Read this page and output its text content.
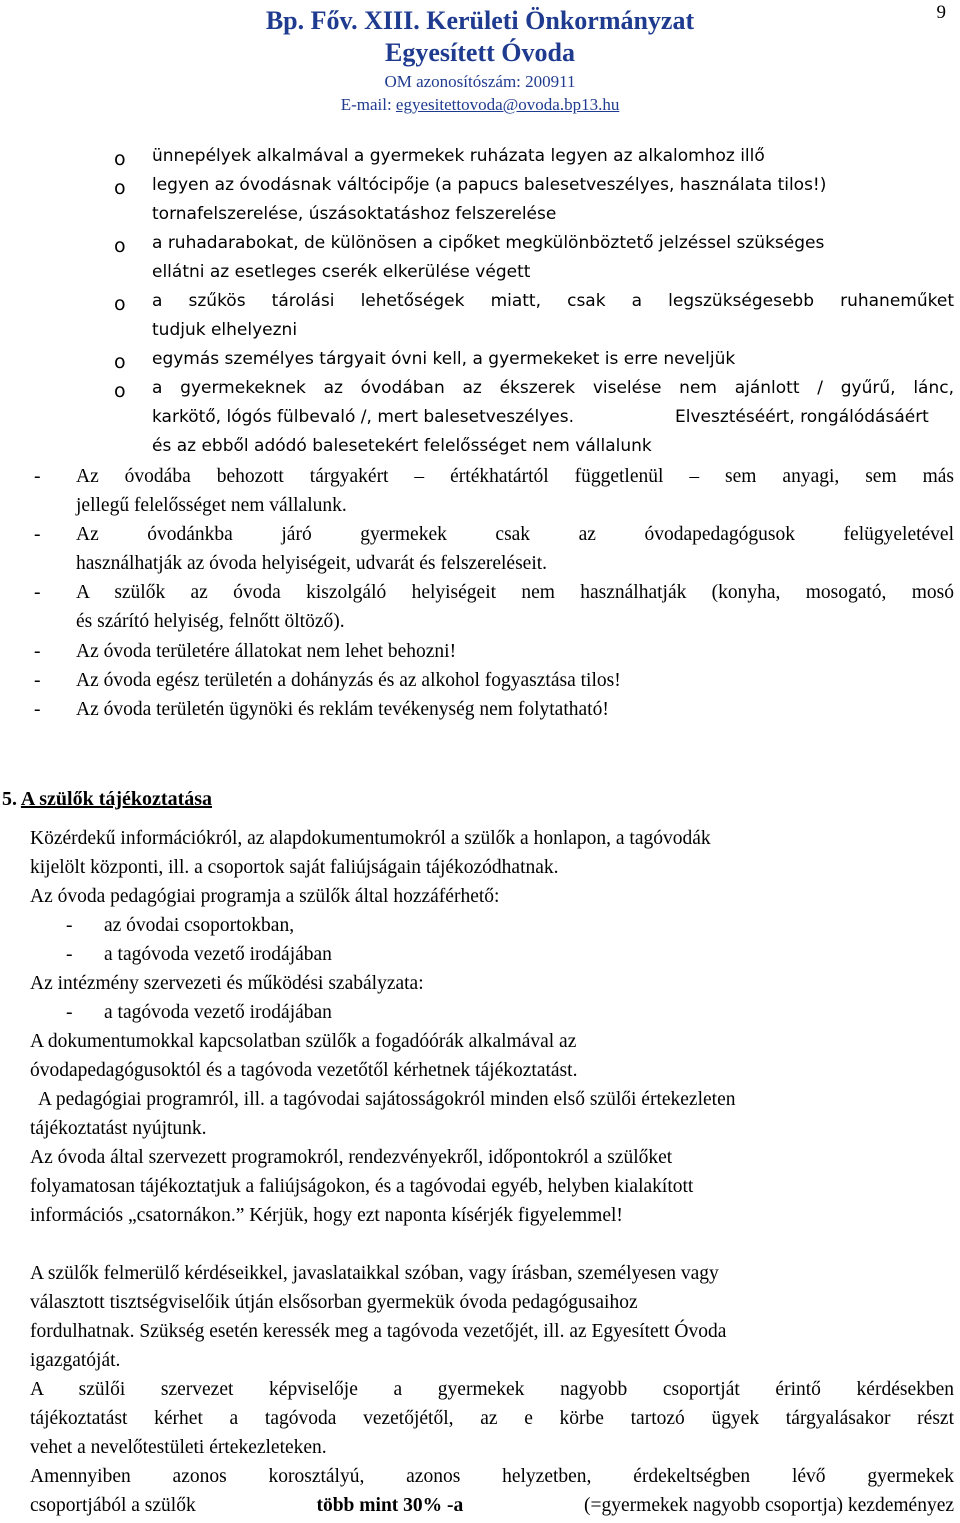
Bp. Főv. XIII. Kerületi Önkormányzat
Egyesített Óvoda
OM azonosítószám: 200911
E-mail: egyesitettovoda@ovoda.bp13.hu
9
o ünnepélyek alkalmával a gyermekek ruházata legyen az alkalomhoz illő
o legyen az óvodásnak váltócipője (a papucs balesetveszélyes, használata tilos!)
tornafelszerelése, úszásoktatáshoz felszerelése
o a ruhadarabokat, de különösen a cipőket megkülönböztető jelzéssel szükséges
ellátni az esetleges cserék elkerülése végett
o a szűkös tárolási lehetőségek miatt, csak a legszükségesebb ruhaneműket
tudjuk elhelyezni
o egymás személyes tárgyait óvni kell, a gyermekeket is erre neveljük
o a gyermekeknek az óvodában az ékszerek viselése nem ajánlott / gyűrű, lánc,
karkötő, lógós fülbevaló /, mert balesetveszélyes.	Elvesztéséért, rongálódásáért
és az ebből adódó balesetekért felelősséget nem vállalunk
- Az óvodába behozott tárgyakért – értékhatártól függetlenül – sem anyagi, sem más
jellegű felelősséget nem vállalunk.
- Az óvodánkba járó gyermekek csak az óvodapedagógusok felügyeletével
használhatják az óvoda helyiségeit, udvarát és felszereléseit.
- A szülők az óvoda kiszolgáló helyiségeit nem használhatják (konyha, mosogató, mosó
és szárító helyiség, felnőtt öltöző).
- Az óvoda területére állatokat nem lehet behozni!
- Az óvoda egész területén a dohányzás és az alkohol fogyasztása tilos!
- Az óvoda területén ügynöki és reklám tevékenység nem folytatható!
5. A szülők tájékoztatása
Közérdekű információkról, az alapdokumentumokról a szülők a honlapon, a tagóvodák
kijelölt központi, ill. a csoportok saját faliújságain tájékozódhatnak.
Az óvoda pedagógiai programja a szülők által hozzáférhető:
- az óvodai csoportokban,
- a tagóvoda vezető irodájában
Az intézmény szervezeti és működési szabályzata:
- a tagóvoda vezető irodájában
A dokumentumokkal kapcsolatban szülők a fogadóórák alkalmával az
óvodapedagógusoktól és a tagóvoda vezetőtől kérhetnek tájékoztatást.
A pedagógiai programról, ill. a tagóvodai sajátosságokról minden első szülői értekezleten
tájékoztatást nyújtunk.
Az óvoda által szervezett programokról, rendezvényekről, időpontokról a szülőket
folyamatosan tájékoztatjuk a faliújságokon, és a tagóvodai egyéb, helyben kialakított
információs „csatornákon.” Kérjük, hogy ezt naponta kísérjék figyelemmel!
A szülők felmerülő kérdéseikkel, javaslataikkal szóban, vagy írásban, személyesen vagy
választott tisztségviselőik útján elsősorban gyermekük óvoda pedagógusaihoz
fordulhatnak. Szükség esetén keressék meg a tagóvoda vezetőjét, ill. az Egyesített Óvoda
igazgatóját.
A szülői szervezet képviselője a gyermekek nagyobb csoportját érintő kérdésekben
tájékoztatást kérhet a tagóvoda vezetőjétől, az e körbe tartozó ügyek tárgyalásakor részt
vehet a nevelőtestületi értekezleteken.
Amennyiben azonos korosztályú, azonos helyzetben, érdekeltségben lévő gyermekek
csoportjából a szülők	több mint 30% -a	(=gyermekek nagyobb csoportja) kezdeményez
